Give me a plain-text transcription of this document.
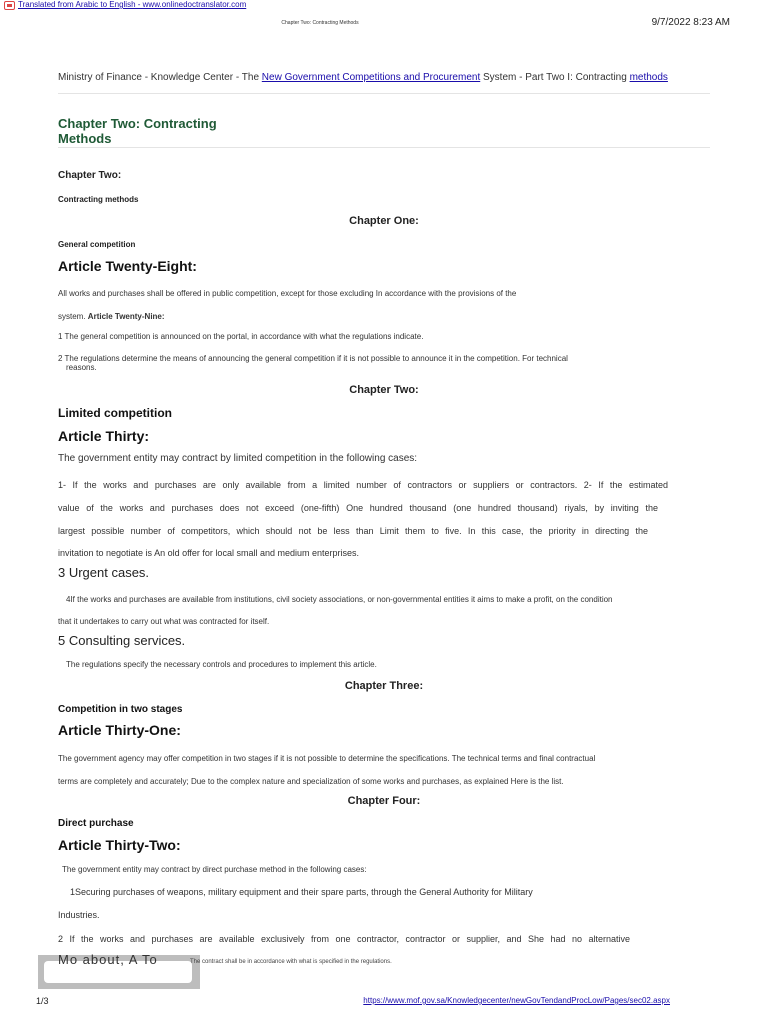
Translated from Arabic to English - www.onlinedoctranslator.com
Chapter Two: Contracting Methods	9/7/2022 8:23 AM
Ministry of Finance - Knowledge Center - The New Government Competitions and Procurement System - Part Two I: Contracting methods
Chapter Two: Contracting
Methods
Chapter Two:
Contracting methods
Chapter One:
General competition
Article Twenty-Eight:
All works and purchases shall be offered in public competition, except for those excluding In accordance with the provisions of the
system. Article Twenty-Nine:
1 The general competition is announced on the portal, in accordance with what the regulations indicate.
2 The regulations determine the means of announcing the general competition if it is not possible to announce it in the competition. For technical
reasons.
Chapter Two:
Limited competition
Article Thirty:
The government entity may contract by limited competition in the following cases:
1- If the works and purchases are only available from a limited number of contractors or suppliers or contractors. 2- If the estimated
value of the works and purchases does not exceed (one-fifth) One hundred thousand (one hundred thousand) riyals, by inviting the
largest possible number of competitors, which should not be less than Limit them to five. In this case, the priority in directing the
invitation to negotiate is An old offer for local small and medium enterprises.
3 Urgent cases.
4If the works and purchases are available from institutions, civil society associations, or non-governmental entities it aims to make a profit, on the condition
that it undertakes to carry out what was contracted for itself.
5 Consulting services.
The regulations specify the necessary controls and procedures to implement this article.
Chapter Three:
Competition in two stages
Article Thirty-One:
The government agency may offer competition in two stages if it is not possible to determine the specifications. The technical terms and final contractual
terms are completely and accurately; Due to the complex nature and specialization of some works and purchases, as explained Here is the list.
Chapter Four:
Direct purchase
Article Thirty-Two:
The government entity may contract by direct purchase method in the following cases:
1Securing purchases of weapons, military equipment and their spare parts, through the General Authority for Military
Industries.
2 If the works and purchases are available exclusively from one contractor, contractor or supplier, and She had no alternative
Mo about, A To	The contract shall be in accordance with what is specified in the regulations.
1/3	https://www.mof.gov.sa/Knowledgecenter/newGovTendandProcLow/Pages/sec02.aspx
